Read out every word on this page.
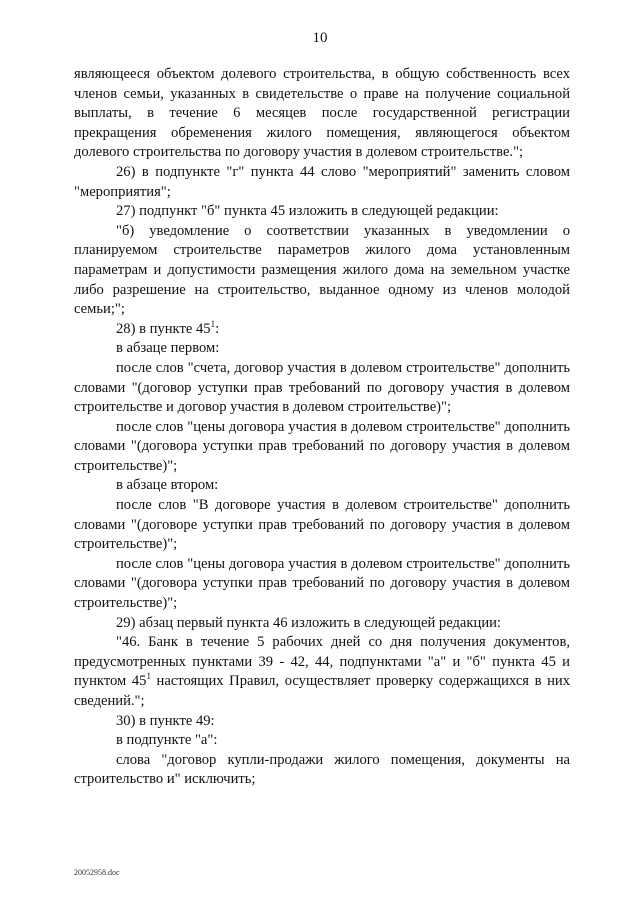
10

являющееся объектом долевого строительства, в общую собственность всех членов семьи, указанных в свидетельстве о праве на получение социальной выплаты, в течение 6 месяцев после государственной регистрации прекращения обременения жилого помещения, являющегося объектом долевого строительства по договору участия в долевом строительстве.";

26) в подпункте "г" пункта 44 слово "мероприятий" заменить словом "мероприятия";

27) подпункт "б" пункта 45 изложить в следующей редакции:

"б) уведомление о соответствии указанных в уведомлении о планируемом строительстве параметров жилого дома установленным параметрам и допустимости размещения жилого дома на земельном участке либо разрешение на строительство, выданное одному из членов молодой семьи;";

28) в пункте $45^1$:

в абзаце первом:

после слов "счета, договор участия в долевом строительстве" дополнить словами "(договор уступки прав требований по договору участия в долевом строительстве и договор участия в долевом строительстве)";

после слов "цены договора участия в долевом строительстве" дополнить словами "(договора уступки прав требований по договору участия в долевом строительстве)";

в абзаце втором:

после слов "В договоре участия в долевом строительстве" дополнить словами "(договоре уступки прав требований по договору участия в долевом строительстве)";

после слов "цены договора участия в долевом строительстве" дополнить словами "(договора уступки прав требований по договору участия в долевом строительстве)";

29) абзац первый пункта 46 изложить в следующей редакции:

"46. Банк в течение 5 рабочих дней со дня получения документов, предусмотренных пунктами 39 - 42, 44, подпунктами "а" и "б" пункта 45 и пунктом $45^1$ настоящих Правил, осуществляет проверку содержащихся в них сведений.";

30) в пункте 49:

в подпункте "а":

слова "договор купли-продажи жилого помещения, документы на строительство и" исключить;

20052958.doc
